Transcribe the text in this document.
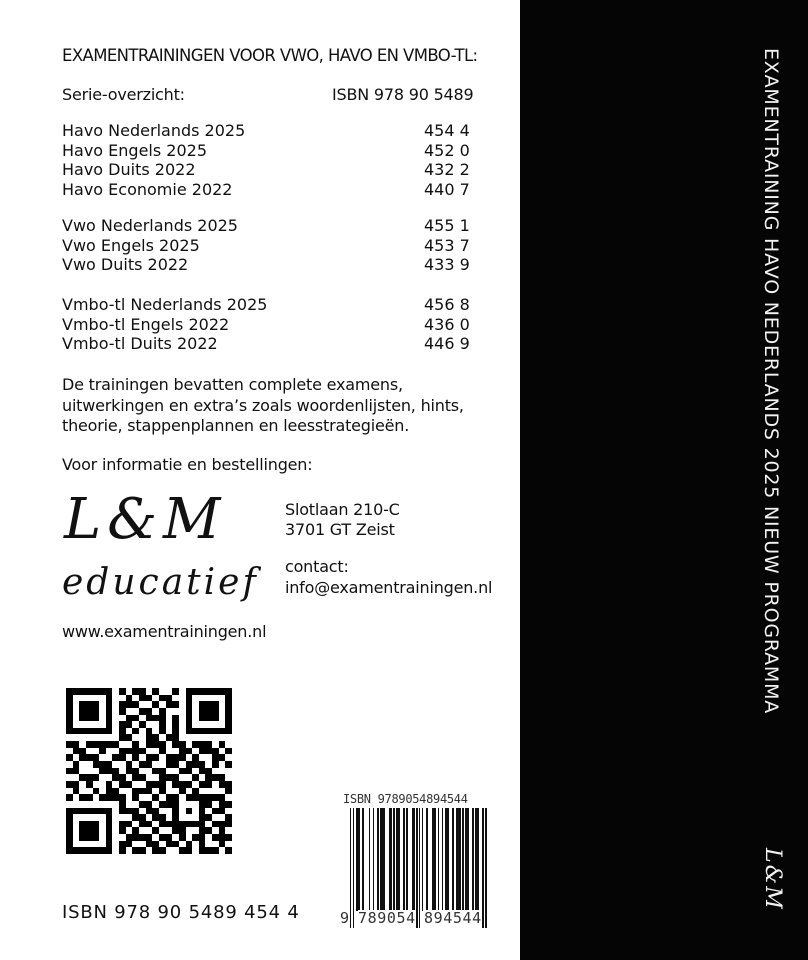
EXAMENTRAININGEN VOOR VWO, HAVO EN VMBO-TL:
Serie-overzicht:	ISBN 978 90 5489
Havo Nederlands 2025	454 4
Havo Engels 2025	452 0
Havo Duits 2022	432 2
Havo Economie 2022	440 7
Vwo Nederlands 2025	455 1
Vwo Engels 2025	453 7
Vwo Duits 2022	433 9
Vmbo-tl Nederlands 2025	456 8
Vmbo-tl Engels 2022	436 0
Vmbo-tl Duits 2022	446 9
De trainingen bevatten complete examens,
uitwerkingen en extra’s zoals woordenlijsten, hints,
theorie, stappenplannen en leesstrategieën.
Voor informatie en bestellingen:
L&M
educatief
Slotlaan 210-C
3701 GT Zeist
contact:
info@examentrainingen.nl
www.examentrainingen.nl
ISBN 978 90 5489 454 4
ISBN 9789054894544
9 789054 894544
EXAMENTRAINING HAVO NEDERLANDS 2025 NIEUW PROGRAMMA
L&M
